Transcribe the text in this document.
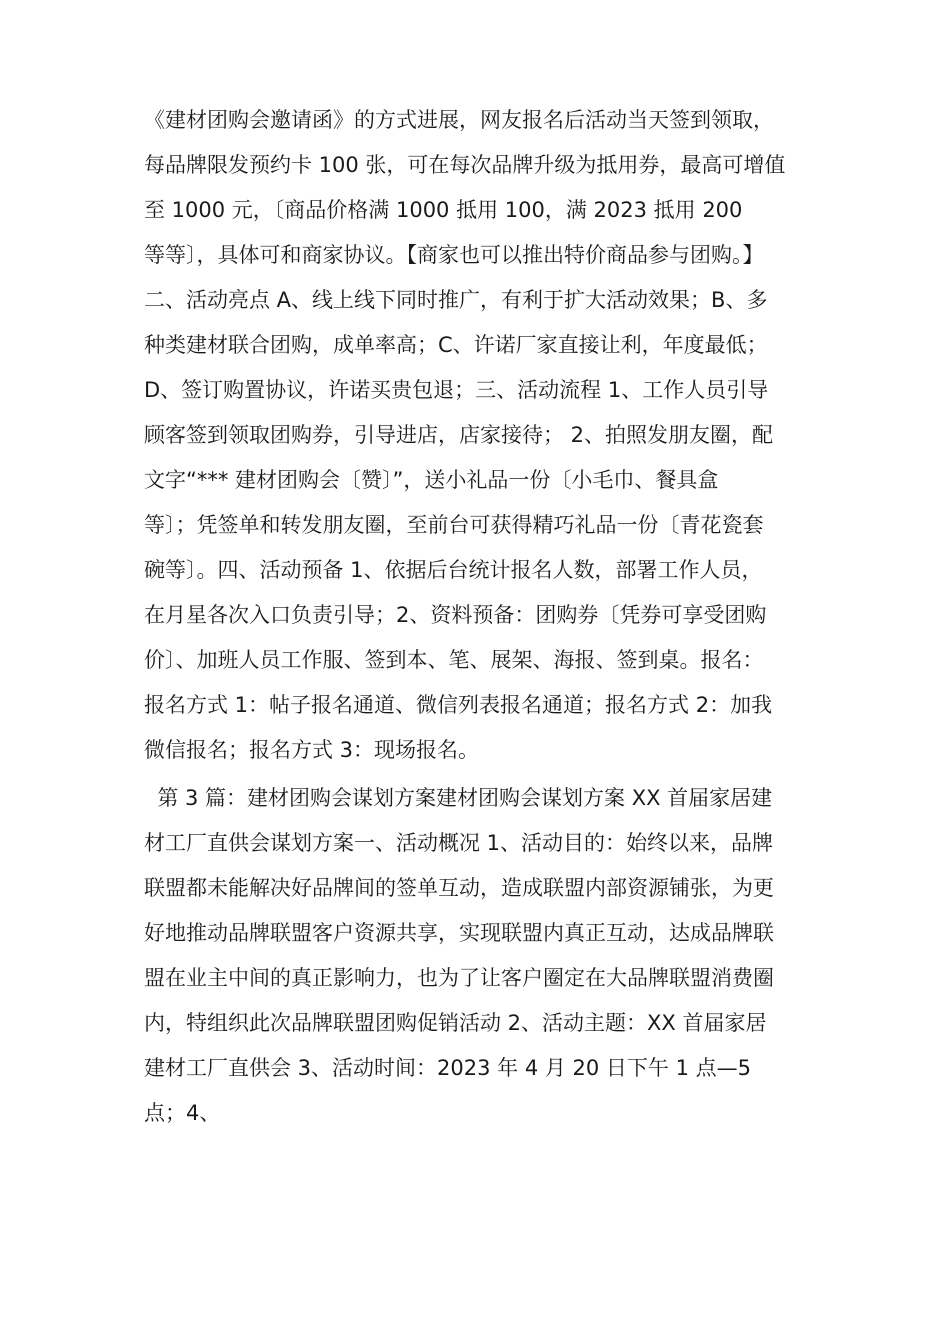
《建材团购会邀请函》的方式进展，网友报名后活动当天签到领取，
每品牌限发预约卡 100 张，可在每次品牌升级为抵用券，最高可增值
至 1000 元，〔商品价格满 1000 抵用 100，满 2023 抵用 200
等等〕，具体可和商家协议。【商家也可以推出特价商品参与团购。】
二、活动亮点 A、线上线下同时推广，有利于扩大活动效果；B、多
种类建材联合团购，成单率高；C、许诺厂家直接让利，年度最低；
D、签订购置协议，许诺买贵包退；三、活动流程 1、工作人员引导
顾客签到领取团购券，引导进店，店家接待； 2、拍照发朋友圈，配
文字“*** 建材团购会〔赞〕”，送小礼品一份〔小毛巾、餐具盒
等〕；凭签单和转发朋友圈，至前台可获得精巧礼品一份〔青花瓷套
碗等〕。四、活动预备 1、依据后台统计报名人数，部署工作人员，
在月星各次入口负责引导；2、资料预备：团购券〔凭券可享受团购
价〕、加班人员工作服、签到本、笔、展架、海报、签到桌。报名：
报名方式 1：帖子报名通道、微信列表报名通道；报名方式 2：加我
微信报名；报名方式 3：现场报名。
第 3 篇：建材团购会谋划方案建材团购会谋划方案 XX 首届家居建
材工厂直供会谋划方案一、活动概况 1、活动目的：始终以来，品牌
联盟都未能解决好品牌间的签单互动，造成联盟内部资源铺张，为更
好地推动品牌联盟客户资源共享，实现联盟内真正互动，达成品牌联
盟在业主中间的真正影响力，也为了让客户圈定在大品牌联盟消费圈
内，特组织此次品牌联盟团购促销活动 2、活动主题：XX 首届家居
建材工厂直供会 3、活动时间：2023 年 4 月 20 日下午 1 点—5
点；4、
